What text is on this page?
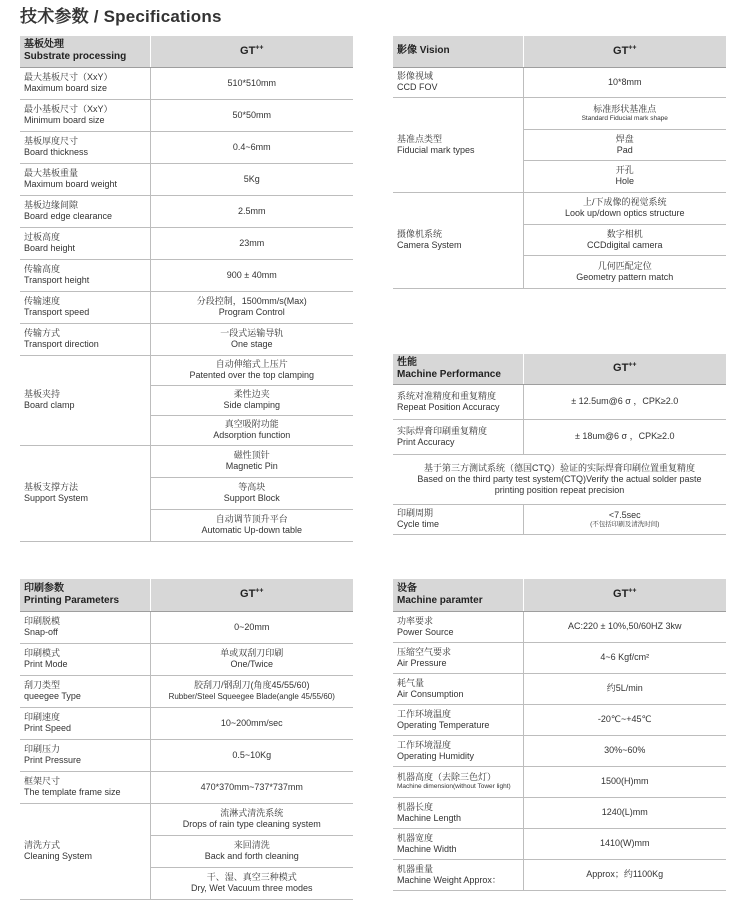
技术参数 / Specifications
基板处理
Substrate processing	GT++

最大基板尺寸（XxY）
Maximum board size	510*510mm

最小基板尺寸（XxY）
Minimum board size	50*50mm

基板厚度尺寸
Board thickness	0.4~6mm

最大基板重量
Maximum board weight	5Kg

基板边缘间隙
Board edge clearance	2.5mm

过板高度
Board height	23mm

传输高度
Transport height	900 ± 40mm

传输速度
Transport speed	分段控制，1500mm/s(Max)
Program Control

传输方式
Transport direction	一段式运输导轨
One stage

基板夹持
Board clamp	自动伸缩式上压片
Patented over the top clamping

	柔性边夹
Side clamping

	真空吸附功能
Adsorption function

基板支撑方法
Support System	磁性顶针
Magnetic Pin

	等高块
Support Block

	自动调节顶升平台
Automatic Up-down table
影像 Vision	GT++

影像视域
CCD FOV	10*8mm

基准点类型
Fiducial mark types	标准形状基准点
Standard Fiducial mark shape

	焊盘
Pad

	开孔
Hole

摄像机系统
Camera System	上/下成像的视觉系统
Look up/down optics structure

	数字相机
CCDdigital camera

	几何匹配定位
Geometry pattern match
性能
Machine Performance	GT++

系统对准精度和重复精度
Repeat Position Accuracy	± 12.5um@6 σ ，CPK≥2.0

实际焊膏印刷重复精度
Print Accuracy	± 18um@6 σ ，CPK≥2.0

基于第三方测试系统（德国CTQ）验证的实际焊膏印刷位置重复精度
Based on the third party test system(CTQ)Verify the actual solder paste printing position repeat precision	

印刷周期
Cycle time	<7.5sec
(不包括印刷及清洗时间)
印刷参数
Printing Parameters	GT++

印刷脱模
Snap-off	0~20mm

印刷模式
Print Mode	单或双刮刀印刷
One/Twice

刮刀类型
queegee Type	胶刮刀/钢刮刀(角度45/55/60)
Rubber/Steel Squeegee Blade(angle 45/55/60)

印刷速度
Print Speed	10~200mm/sec

印刷压力
Print Pressure	0.5~10Kg

框架尺寸
The template frame size	470*370mm~737*737mm

清洗方式
Cleaning System	流淋式清洗系统
Drops of rain type cleaning system

	来回清洗
Back and forth cleaning

	干、湿、真空三种模式
Dry, Wet Vacuum three modes
设备
Machine paramter	GT++

功率要求
Power Source	AC:220 ± 10%,50/60HZ 3kw

压缩空气要求
Air Pressure	4~6 Kgf/cm²

耗气量
Air Consumption	约5L/min

工作环境温度
Operating Temperature	-20℃~+45℃

工作环境湿度
Operating Humidity	30%~60%

机器高度（去除三色灯）
Machine dimension(without Tower light)	1500(H)mm

机器长度
Machine Length	1240(L)mm

机器宽度
Machine Width	1410(W)mm

机器重量
Machine Weight Approx：	Approx；约1100Kg
